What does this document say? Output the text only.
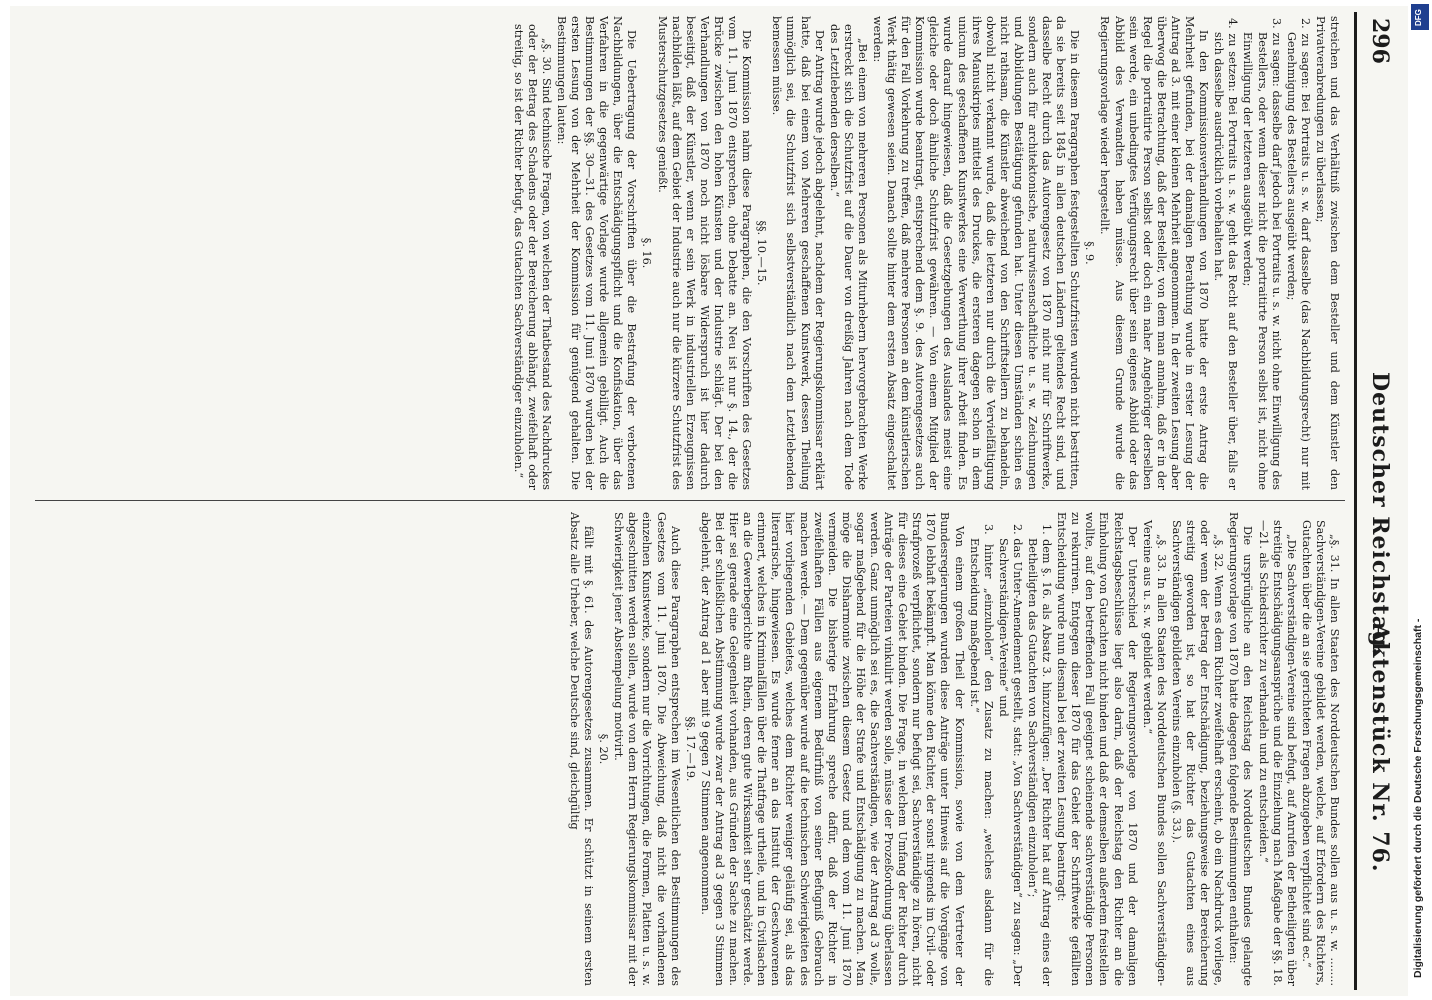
296
Deutscher Reichstag.
Aktenstück Nr. 76.

streichen und das Verhältniß zwischen dem Besteller und dem Künstler den Privatverabredungen zu überlassen;

2. zu sagen: Bei Portraits u. s. w. darf dasselbe (das Nachbildungsrecht) nur mit Genehmigung des Bestellers ausgeübt werden;

3. zu sagen: dasselbe darf jedoch bei Portraits u. s. w. nicht ohne Einwilligung des Bestellers, oder wenn dieser nicht die portraitirte Person selbst ist, nicht ohne Einwilligung der letzteren ausgeübt werden;

4. zu setzen: Bei Portraits u. s. w. geht das Recht auf den Besteller über, falls er sich dasselbe ausdrücklich vorbehalten hat.

In den Kommissionsverhandlungen von 1870 hatte der erste Antrag die Mehrheit gefunden, bei der damaligen Berathung wurde in erster Lesung der Antrag ad 3. mit einer kleinen Mehrheit angenommen. In der zweiten Lesung aber überwog die Betrachtung, daß der Besteller, von dem man annahm, daß er in der Regel die portraitirte Person selbst oder doch ein naher Angehöriger derselben sein werde, ein unbedingtes Verfügungsrecht über sein eigenes Abbild oder das Abbild des Verwandten haben müsse. Aus diesem Grunde wurde die Regierungsvorlage wieder hergestellt.

§. 9.

Die in diesem Paragraphen festgestellten Schutzfristen wurden nicht bestritten, da sie bereits seit 1845 in allen deutschen Ländern geltendes Recht sind, und dasselbe Recht durch das Autorengesetz von 1870 nicht nur für Schriftwerke, sondern auch für architektonische, naturwissenschaftliche u. s. w. Zeichnungen und Abbildungen Bestätigung gefunden hat. Unter diesen Umständen schien es nicht rathsam, die Künstler abweichend von den Schriftstellern zu behandeln, obwohl nicht verkannt wurde, daß die letzteren nur durch die Vervielfältigung ihres Manuskriptes mittelst des Druckes, die ersteren dagegen schon in dem unicum des geschaffenen Kunstwerkes eine Verwerthung ihrer Arbeit finden. Es wurde darauf hingewiesen, daß die Gesetzgebungen des Auslandes meist eine gleiche oder doch ähnliche Schutzfrist gewähren. — Von einem Mitglied der Kommission wurde beantragt, entsprechend dem §. 9. des Autorengesetzes auch für den Fall Vorkehrung zu treffen, daß mehrere Personen an dem künstlerischen Werk thätig gewesen seien. Danach sollte hinter dem ersten Absatz eingeschaltet werden:

„Bei einem von mehreren Personen als Miturhebern hervorgebrachten Werke erstreckt sich die Schutzfrist auf die Dauer von dreißig Jahren nach dem Tode des Letztlebenden derselben.“

Der Antrag wurde jedoch abgelehnt, nachdem der Regierungskommissar erklärt hatte, daß bei einem von Mehreren geschaffenen Kunstwerk, dessen Theilung unmöglich sei, die Schutzfrist sich selbstverständlich nach dem Letztlebenden bemessen müsse.

§§. 10.—15.

Die Kommission nahm diese Paragraphen, die den Vorschriften des Gesetzes vom 11. Juni 1870 entsprechen, ohne Debatte an. Neu ist nur §. 14., der die Brücke zwischen den hohen Künsten und der Industrie schlägt. Der bei den Verhandlungen von 1870 noch nicht lösbare Widerspruch ist hier dadurch beseitigt, daß der Künstler, wenn er sein Werk in industriellen Erzeugnissen nachbilden läßt, auf dem Gebiet der Industrie auch nur die kürzere Schutzfrist des Musterschutzgesetzes genießt.

§. 16.

Die Uebertragung der Vorschriften über die Bestrafung der verbotenen Nachbildungen, über die Entschädigungspflicht und die Konfiskation, über das Verfahren in die gegenwärtige Vorlage wurde allgemein gebilligt. Auch die Bestimmungen der §§. 30—31. des Gesetzes vom 11. Juni 1870 wurden bei der ersten Lesung von der Mehrheit der Kommission für genügend gehalten. Die Bestimmungen lauten:

„§. 30. Sind technische Fragen, von welchen der Thatbestand des Nachdruckes oder der Betrag des Schadens oder der Bereicherung abhängt, zweifelhaft oder streitig, so ist der Richter befugt, das Gutachten Sachverständiger einzuholen.“

„§. 31. In allen Staaten des Norddeutschen Bundes sollen aus u. s. w. ........ Sachverständigen-Vereine gebildet werden, welche, auf Erfordern des Richters, Gutachten über die an sie gerichteten Fragen abzugeben verpflichtet sind ec.“

„Die Sachverständigen-Vereine sind befugt, auf Anrufen der Betheiligten über streitige Entschädigungsansprüche und die Einziehung nach Maßgabe der §§. 18.—21. als Schiedsrichter zu verhandeln und zu entscheiden.“

Die ursprüngliche an den Reichstag des Norddeutschen Bundes gelangte Regierungsvorlage von 1870 hatte dagegen folgende Bestimmungen enthalten:

„§. 32. Wenn es dem Richter zweifelhaft erscheint, ob ein Nachdruck vorliege, oder wenn der Betrag der Entschädigung, beziehungsweise der Bereicherung streitig geworden ist, so hat der Richter das Gutachten eines aus Sachverständigen gebildeten Vereins einzuholen (§. 33.).

„§. 33. In allen Staaten des Norddeutschen Bundes sollen Sachverständigen-Vereine aus u. s. w. gebildet werden.“

Der Unterschied der Regierungsvorlage von 1870 und der damaligen Reichstagsbeschlüsse liegt also darin, daß der Reichstag den Richter an die Einholung von Gutachten nicht binden und daß er demselben außerdem freistellen wollte, auf den betreffenden Fall geeignet scheinende sachverständige Personen zu rekurriren. Entgegen dieser 1870 für das Gebiet der Schriftwerke gefällten Entscheidung wurde nun diesmal bei der zweiten Lesung beantragt:

1. dem §. 16. als Absatz 3. hinzuzufügen: „Der Richter hat auf Antrag eines der Betheiligten das Gutachten von Sachverständigen einzuholen“;

2. das Unter-Amendement gestellt, statt: „Von Sachverständigen“ zu sagen: „Der Sachverständigen-Vereine“ und

3. hinter „einzuholen“ den Zusatz zu machen: „welches alsdann für die Entscheidung maßgebend ist.“

Von einem großen Theil der Kommission, sowie von dem Vertreter der Bundesregierungen wurden diese Anträge unter Hinweis auf die Vorgänge von 1870 lebhaft bekämpft. Man könne den Richter, der sonst nirgends im Civil- oder Strafprozeß verpflichtet, sondern nur befugt sei, Sachverständige zu hören, nicht für dieses eine Gebiet binden. Die Frage, in welchem Umfang der Richter durch Anträge der Parteien vinkulirt werden solle, müsse der Prozeßordnung überlassen werden. Ganz unmöglich sei es, die Sachverständigen, wie der Antrag ad 3 wolle, sogar maßgebend für die Höhe der Strafe und Entschädigung zu machen. Man möge die Disharmonie zwischen diesem Gesetz und dem vom 11. Juni 1870 vermeiden. Die bisherige Erfahrung spreche dafür, daß der Richter in zweifelhaften Fällen aus eigenem Bedürfniß von seiner Befugniß Gebrauch machen werde. — Dem gegenüber wurde auf die technischen Schwierigkeiten des hier vorliegenden Gebietes, welches dem Richter weniger geläufig sei, als das literarische, hingewiesen. Es wurde ferner an das Institut der Geschworenen erinnert, welches in Kriminalfällen über die Thatfrage urtheile, und in Civilsachen an die Gewerbegerichte am Rhein, deren gute Wirksamkeit sehr geschätzt werde. Hier sei gerade eine Gelegenheit vorhanden, aus Gründen der Sache zu machen. Bei der schließlichen Abstimmung wurde zwar der Antrag ad 3 gegen 3 Stimmen abgelehnt, der Antrag ad 1 aber mit 9 gegen 7 Stimmen angenommen.

§§. 17.—19.

Auch diese Paragraphen entsprechen im Wesentlichen den Bestimmungen des Gesetzes vom 11. Juni 1870. Die Abweichung, daß nicht die vorhandenen einzelnen Kunstwerke, sondern nur die Vorrichtungen, die Formen, Platten u. s. w. abgeschnitten werden sollen, wurde von dem Herrn Regierungskommissar mit der Schwierigkeit jener Abstempelung motivirt.

§. 20.

fällt mit §. 61. des Autorengesetzes zusammen. Er schützt in seinem ersten Absatz alle Urheber, welche Deutsche sind, gleichgültig

DFG
Digitalisierung gefördert durch die Deutsche Forschungsgemeinschaft -
